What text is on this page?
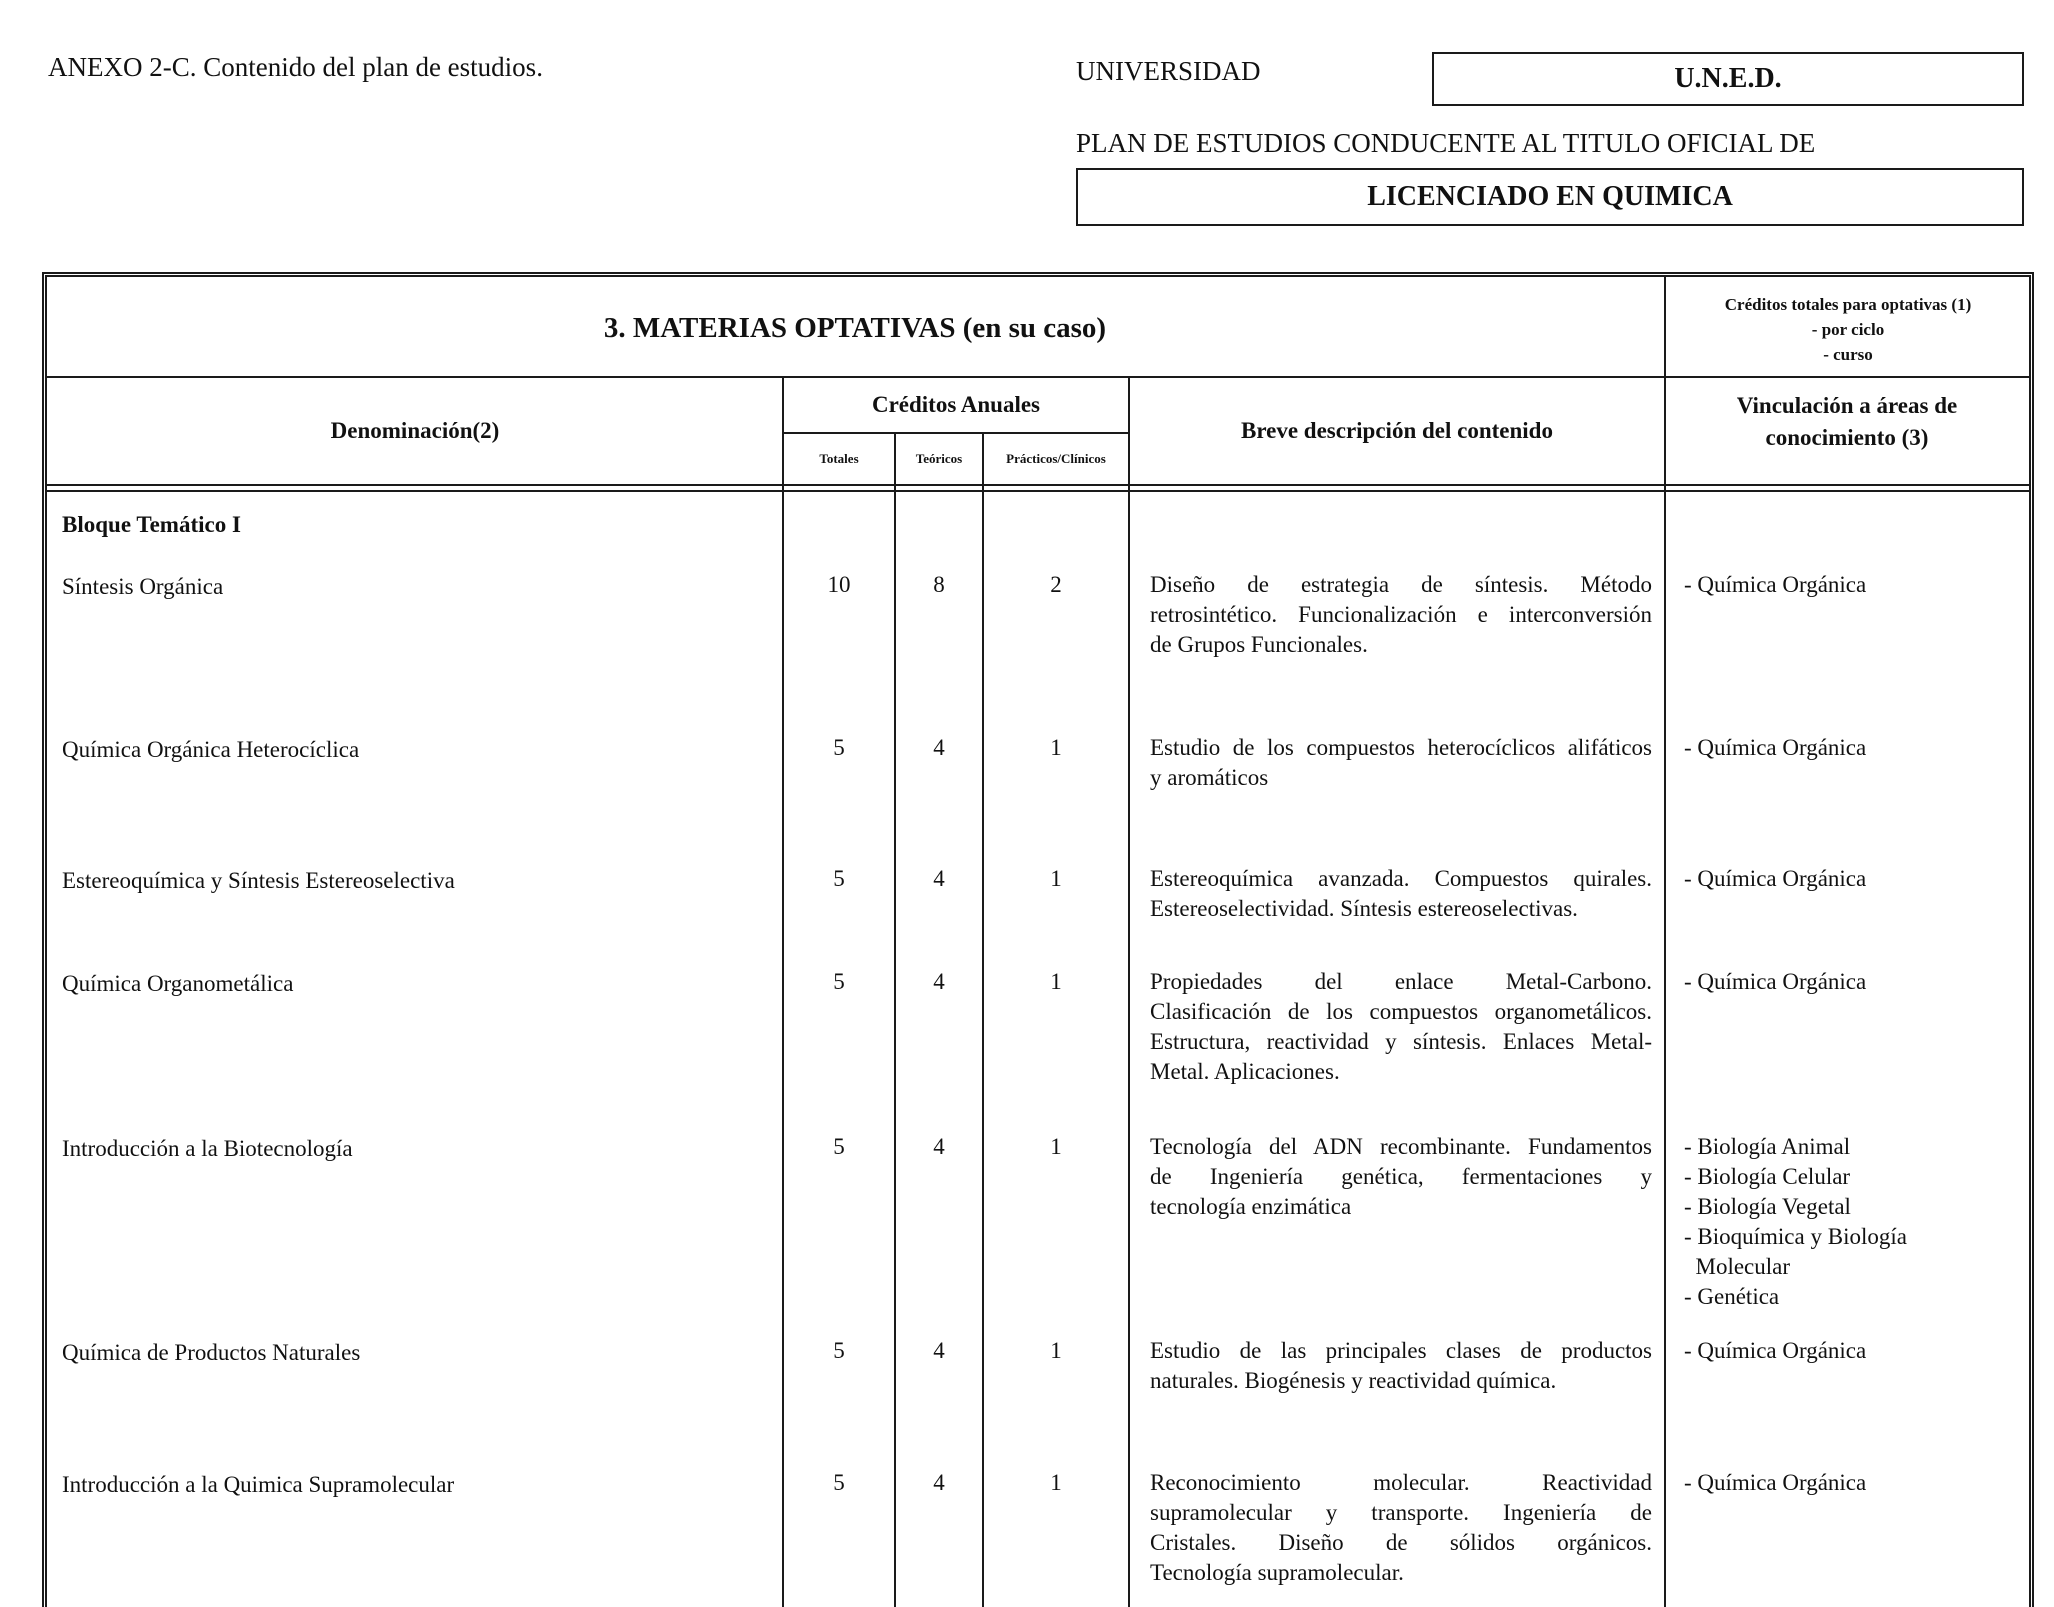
ANEXO 2-C. Contenido del plan de estudios.	UNIVERSIDAD	U.N.E.D.
PLAN DE ESTUDIOS CONDUCENTE AL TITULO OFICIAL DE
LICENCIADO EN QUIMICA
3. MATERIAS OPTATIVAS (en su caso)
Créditos totales para optativas (1)
- por ciclo
- curso
Denominación(2)
Créditos Anuales
Totales	Teóricos	Prácticos/Clínicos
Breve descripción del contenido
Vinculación a áreas de
conocimiento (3)
Bloque Temático I
Síntesis Orgánica	10	8	2	Diseño de estrategia de síntesis. Método
retrosintético. Funcionalización e interconversión
de Grupos Funcionales.
- Química Orgánica
Química Orgánica Heterocíclica	5	4	1	Estudio de los compuestos heterocíclicos alifáticos
y aromáticos
- Química Orgánica
Estereoquímica y Síntesis Estereoselectiva	5	4	1	Estereoquímica avanzada. Compuestos quirales.
Estereoselectividad. Síntesis estereoselectivas.
- Química Orgánica
Química Organometálica	5	4	1	Propiedades del enlace Metal-Carbono.
Clasificación de los compuestos organometálicos.
Estructura, reactividad y síntesis. Enlaces Metal-
Metal. Aplicaciones.
- Química Orgánica
Introducción a la Biotecnología	5	4	1	Tecnología del ADN recombinante. Fundamentos
de Ingeniería genética, fermentaciones y
tecnología enzimática
- Biología Animal
- Biología Celular
- Biología Vegetal
- Bioquímica y Biología
Molecular
- Genética
Química de Productos Naturales	5	4	1	Estudio de las principales clases de productos
naturales. Biogénesis y reactividad química.
- Química Orgánica
Introducción a la Quimica Supramolecular	5	4	1	Reconocimiento molecular. Reactividad
supramolecular y transporte. Ingeniería de
Cristales. Diseño de sólidos orgánicos.
Tecnología supramolecular.
- Química Orgánica
